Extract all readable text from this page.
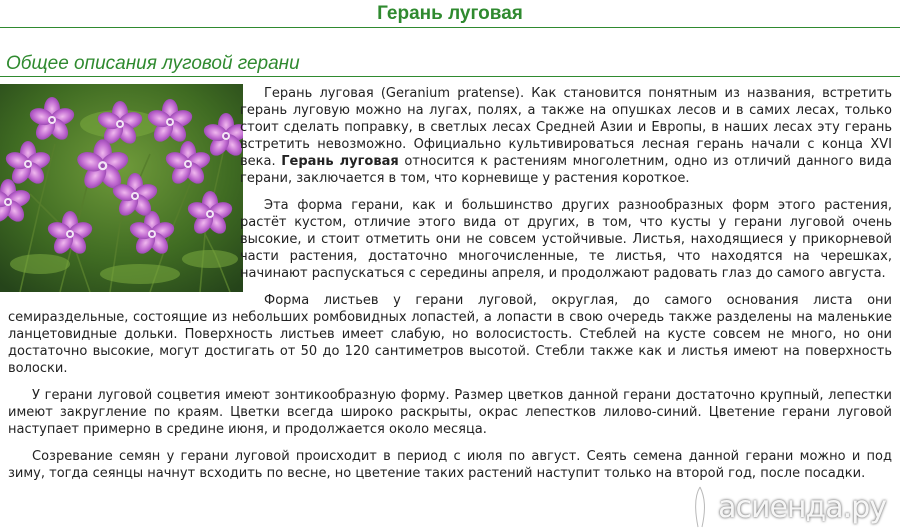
Герань луговая
Общее описания луговой герани

Герань луговая (Geranium pratense). Как становится понятным из названия, встретить герань луговую можно на лугах, полях, а также на опушках лесов и в самих лесах, только стоит сделать поправку, в светлых лесах Средней Азии и Европы, в наших лесах эту герань встретить невозможно. Официально культивироваться лесная герань начали с конца XVI века. Герань луговая относится к растениям многолетним, одно из отличий данного вида герани, заключается в том, что корневище у растения короткое.

Эта форма герани, как и большинство других разнообразных форм этого растения, растёт кустом, отличие этого вида от других, в том, что кусты у герани луговой очень высокие, и стоит отметить они не совсем устойчивые. Листья, находящиеся у прикорневой части растения, достаточно многочисленные, те листья, что находятся на черешках, начинают распускаться с середины апреля, и продолжают радовать глаз до самого августа.

Форма листьев у герани луговой, округлая, до самого основания листа они семираздельные, состоящие из небольших ромбовидных лопастей, а лопасти в свою очередь также разделены на маленькие ланцетовидные дольки. Поверхность листьев имеет слабую, но волосистость. Стеблей на кусте совсем не много, но они достаточно высокие, могут достигать от 50 до 120 сантиметров высотой. Стебли также как и листья имеют на поверхность волоски.

У герани луговой соцветия имеют зонтикообразную форму. Размер цветков данной герани достаточно крупный, лепестки имеют закругление по краям. Цветки всегда широко раскрыты, окрас лепестков лилово-синий. Цветение герани луговой наступает примерно в средине июня, и продолжается около месяца.

Созревание семян у герани луговой происходит в период с июля по август. Сеять семена данной герани можно и под зиму, тогда сеянцы начнут всходить по весне, но цветение таких растений наступит только на второй год, после посадки.

асиенда.ру
